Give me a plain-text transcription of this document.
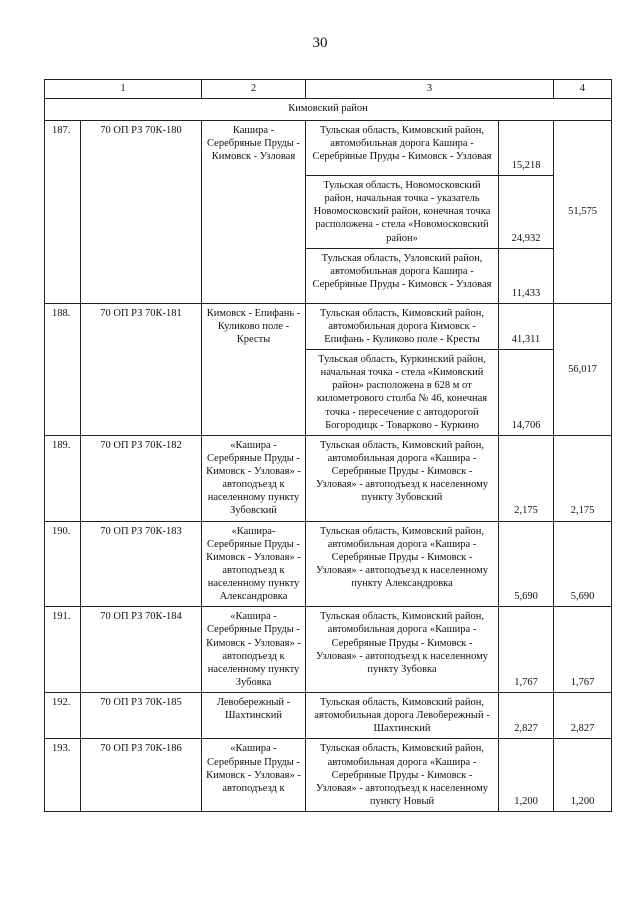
30
1		2	3		4
Кимовский район					
187.	70 ОП РЗ 70К-180	Кашира - Серебряные Пруды - Кимовск - Узловая	Тульская область, Кимовский район, автомобильная дорога Кашира - Серебряные Пруды - Кимовск - Узловая	15,218	51,575
			Тульская область, Новомосковский район, начальная точка - указатель Новомосковский район, конечная точка расположена - стела «Новомосковский район»	24,932	
			Тульская область, Узловский район, автомобильная дорога Кашира - Серебряные Пруды - Кимовск - Узловая	11,433	
188.	70 ОП РЗ 70К-181	Кимовск - Епифань - Куликово поле - Кресты	Тульская область, Кимовский район, автомобильная дорога Кимовск - Епифань - Куликово поле - Кресты	41,311	56,017
			Тульская область, Куркинский район, начальная точка - стела «Кимовский район» расположена в 628 м от километрового столба № 46, конечная точка - пересечение с автодорогой Богородицк - Товарково - Куркино	14,706	
189.	70 ОП РЗ 70К-182	«Кашира - Серебряные Пруды - Кимовск - Узловая» - автоподъезд к населенному пункту Зубовский	Тульская область, Кимовский район, автомобильная дорога «Кашира - Серебряные Пруды - Кимовск - Узловая» - автоподъезд к населенному пункту Зубовский	2,175	2,175
190.	70 ОП РЗ 70К-183	«Кашира- Серебряные Пруды - Кимовск - Узловая» - автоподъезд к населенному пункту Александровка	Тульская область, Кимовский район, автомобильная дорога «Кашира - Серебряные Пруды - Кимовск - Узловая» - автоподъезд к населенному пункту Александровка	5,690	5,690
191.	70 ОП РЗ 70К-184	«Кашира - Серебряные Пруды - Кимовск - Узловая» - автоподъезд к населенному пункту Зубовка	Тульская область, Кимовский район, автомобильная дорога «Кашира - Серебряные Пруды - Кимовск - Узловая» - автоподъезд к населенному пункту Зубовка	1,767	1,767
192.	70 ОП РЗ 70К-185	Левобережный - Шахтинский	Тульская область, Кимовский район, автомобильная дорога Левобережный - Шахтинский	2,827	2,827
193.	70 ОП РЗ 70К-186	«Кашира - Серебряные Пруды - Кимовск - Узловая» - автоподъезд к	Тульская область, Кимовский район, автомобильная дорога «Кашира - Серебряные Пруды - Кимовск - Узловая» - автоподъезд к населенному пункту Новый	1,200	1,200
